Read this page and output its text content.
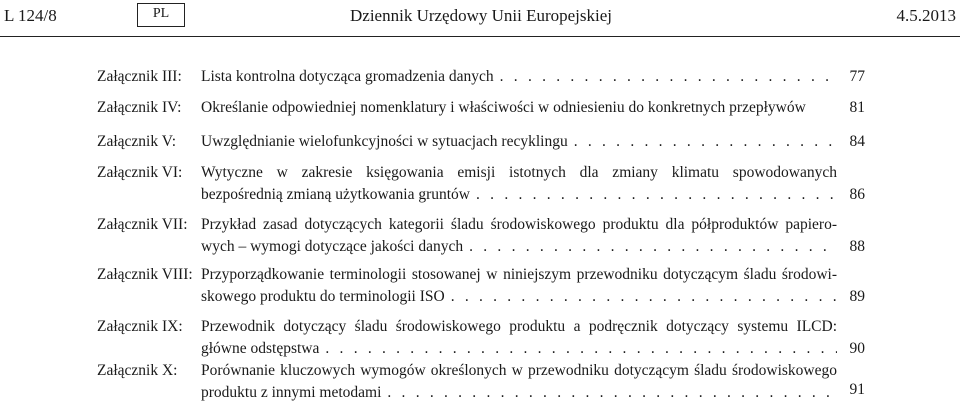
L 124/8	PL	Dziennik Urzędowy Unii Europejskiej	4.5.2013
Załącznik III: Lista kontrolna dotycząca gromadzenia danych . . .	77
Załącznik IV: Określanie odpowiedniej nomenklatury i właściwości w odniesieniu do konkretnych przepływów	81
Załącznik V: Uwzględnianie wielofunkcyjności w sytuacjach recyklingu . . .	84
Załącznik VI: Wytyczne w zakresie księgowania emisji istotnych dla zmiany klimatu spowodowanych
bezpośrednią zmianą użytkowania gruntów . . .	86
Załącznik VII: Przykład zasad dotyczących kategorii śladu środowiskowego produktu dla półproduktów papiero-
wych – wymogi dotyczące jakości danych . . .	88
Załącznik VIII: Przyporządkowanie terminologii stosowanej w niniejszym przewodniku dotyczącym śladu środowi-
skowego produktu do terminologii ISO . . .	89
Załącznik IX: Przewodnik dotyczący śladu środowiskowego produktu a podręcznik dotyczący systemu ILCD:
główne odstępstwa . . .	90
Załącznik X: Porównanie kluczowych wymogów określonych w przewodniku dotyczącym śladu środowiskowego
produktu z innymi metodami . . .	91
